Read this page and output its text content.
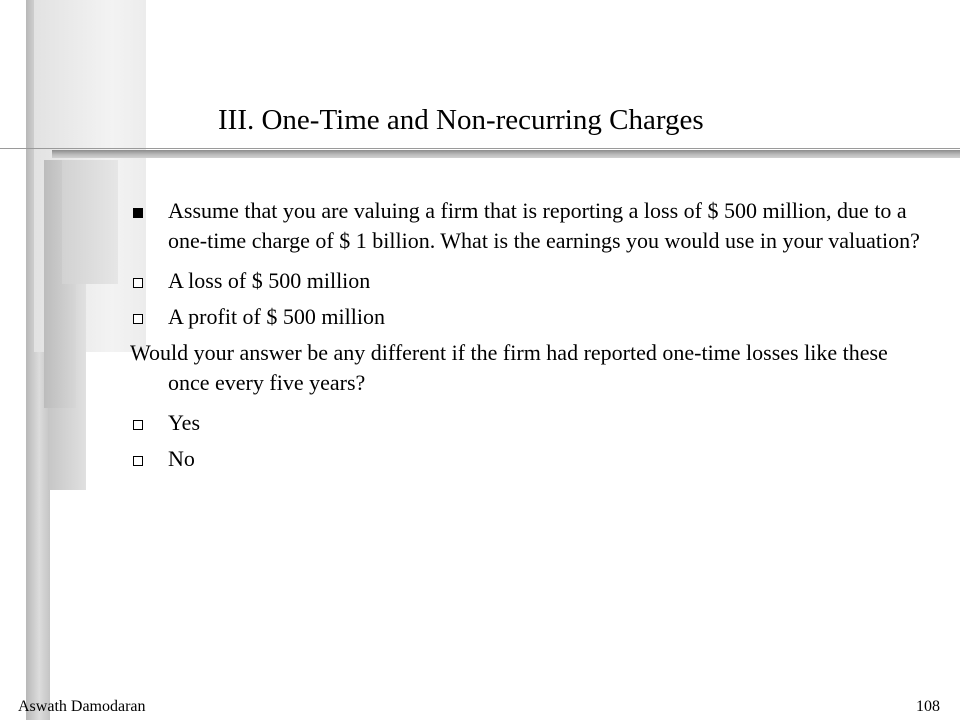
III. One-Time and Non-recurring Charges
Assume that you are valuing a firm that is reporting a loss of $ 500 million, due to a one-time charge of $ 1 billion. What is the earnings you would use in your valuation?
A loss of $ 500 million
A profit of $ 500 million
Would your answer be any different if the firm had reported one-time losses like these once every five years?
Yes
No
Aswath Damodaran	108
